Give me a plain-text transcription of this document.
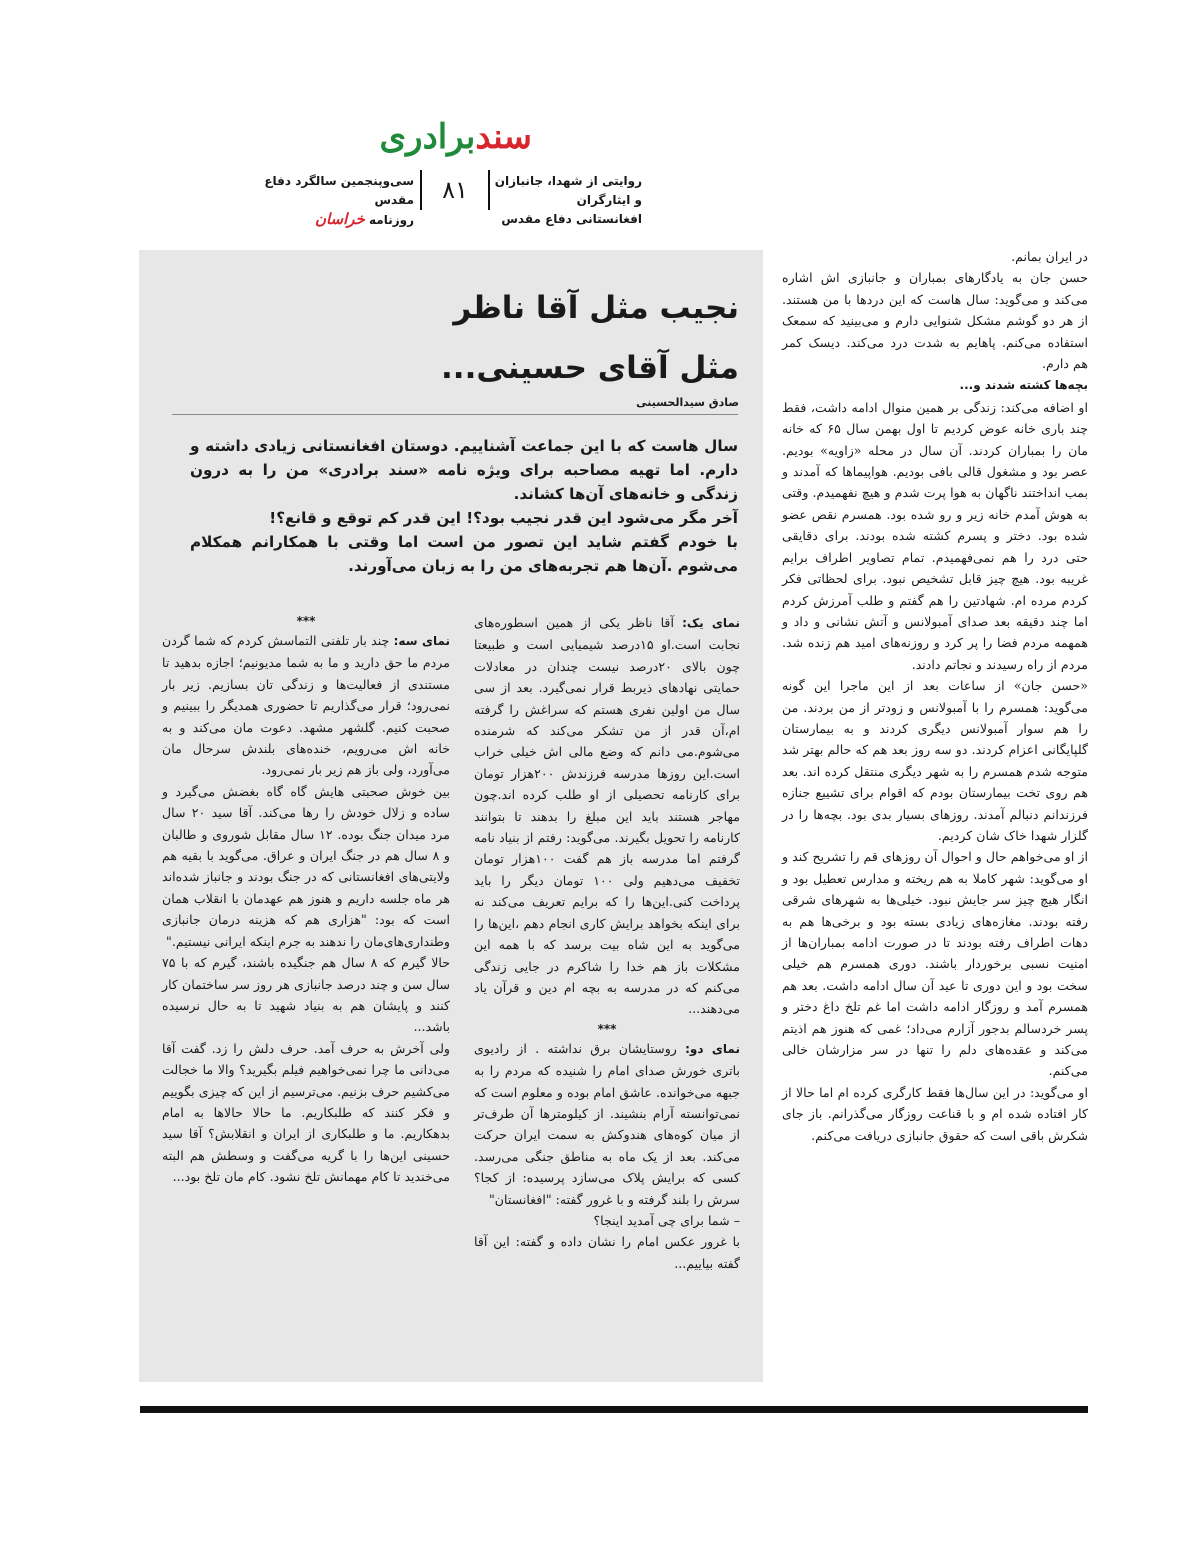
سندبرادری
روایتی از شهدا، جانبازان و ایثارگران
افغانستانی دفاع مقدس
۸۱
سی‌وپنجمین سالگرد دفاع مقدس
روزنامه خراسان

در ایران بمانم.

حسن جان به یادگارهای بمباران و جانبازی اش اشاره می‌کند و می‌گوید: سال هاست که این دردها با من هستند. از هر دو گوشم مشکل شنوایی دارم و می‌بینید که سمعک استفاده می‌کنم. پاهایم به شدت درد می‌کند. دیسک کمر هم دارم.

بچه‌ها کشته شدند و...

او اضافه می‌کند: زندگی بر همین منوال ادامه داشت، فقط چند باری خانه عوض کردیم تا اول بهمن سال ۶۵ که خانه مان را بمباران کردند. آن سال در محله «زاویه» بودیم. عصر بود و مشغول قالی بافی بودیم. هواپیماها که آمدند و بمب انداختند ناگهان به هوا پرت شدم و هیچ نفهمیدم. وقتی به هوش آمدم خانه زیر و رو شده بود. همسرم نقص عضو شده بود. دختر و پسرم کشته شده بودند. برای دقایقی حتی درد را هم نمی‌فهمیدم. تمام تصاویر اطراف برایم غریبه بود. هیچ چیز قابل تشخیص نبود. برای لحظاتی فکر کردم مرده ام. شهادتین را هم گفتم و طلب آمرزش کردم اما چند دقیقه بعد صدای آمبولانس و آتش نشانی و داد و همهمه مردم فضا را پر کرد و روزنه‌های امید هم زنده شد. مردم از راه رسیدند و نجاتم دادند.

«حسن جان» از ساعات بعد از این ماجرا این گونه می‌گوید: همسرم را با آمبولانس و زودتر از من بردند. من را هم سوار آمبولانس دیگری کردند و به بیمارستان گلپایگانی اعزام کردند. دو سه روز بعد هم که حالم بهتر شد متوجه شدم همسرم را به شهر دیگری منتقل کرده اند. بعد هم روی تخت بیمارستان بودم که اقوام برای تشییع جنازه فرزندانم دنبالم آمدند. روزهای بسیار بدی بود. بچه‌ها را در گلزار شهدا خاک شان کردیم.

از او می‌خواهم حال و احوال آن روزهای قم را تشریح کند و او می‌گوید: شهر کاملا به هم ریخته و مدارس تعطیل بود و انگار هیچ چیز سر جایش نبود. خیلی‌ها به شهرهای شرقی رفته بودند. مغازه‌های زیادی بسته بود و برخی‌ها هم به دهات اطراف رفته بودند تا در صورت ادامه بمباران‌ها از امنیت نسبی برخوردار باشند. دوری همسرم هم خیلی سخت بود و این دوری تا عید آن سال ادامه داشت. بعد هم همسرم آمد و روزگار ادامه داشت اما غم تلخ داغ دختر و پسر خردسالم بدجور آزارم می‌داد؛ غمی که هنوز هم اذیتم می‌کند و عقده‌های دلم را تنها در سر مزارشان خالی می‌کنم.

او می‌گوید: در این سال‌ها فقط کارگری کرده ام اما حالا از کار افتاده شده ام و با قناعت روزگار می‌گذرانم. باز جای شکرش باقی است که حقوق جانبازی دریافت می‌کنم.

نجیب مثل آقا ناظر
مثل آقای حسینی...
صادق سیدالحسینی

سال هاست که با این جماعت آشناییم. دوستان افغانستانی زیادی داشته و دارم. اما تهیه مصاحبه برای ویژه نامه «سند برادری» من را به درون زندگی و خانه‌های آن‌ها کشاند.

آخر مگر می‌شود این قدر نجیب بود؟! این قدر کم توقع و قانع؟!

با خودم گفتم شاید این تصور من است اما وقتی با همکارانم همکلام می‌شوم .آن‌ها هم تجربه‌های من را به زبان می‌آورند.

نمای یک: آقا ناظر یکی از همین اسطوره‌های نجابت است.او ۱۵درصد شیمیایی است و طبیعتا چون بالای ۲۰درصد نیست چندان در معادلات حمایتی نهادهای ذیربط قرار نمی‌گیرد. بعد از سی سال من اولین نفری هستم که سراغش را گرفته ام،آن قدر از من تشکر می‌کند که شرمنده می‌شوم.می دانم که وضع مالی اش خیلی خراب است.این روزها مدرسه فرزندش ۲۰۰هزار تومان برای کارنامه تحصیلی از او طلب کرده اند.چون مهاجر هستند باید این مبلغ را بدهند تا بتوانند کارنامه را تحویل بگیرند. می‌گوید: رفتم از بنیاد نامه گرفتم اما مدرسه باز هم گفت ۱۰۰هزار تومان تخفیف می‌دهیم ولی ۱۰۰ تومان دیگر را باید پرداخت کنی.این‌ها را که برایم تعریف می‌کند نه برای اینکه بخواهد برایش کاری انجام دهم ،این‌ها را می‌گوید به این شاه بیت برسد که با همه این مشکلات باز هم خدا را شاکرم در جایی زندگی می‌کنم که در مدرسه به بچه ام دین و قرآن یاد می‌دهند...

***

نمای دو: روستایشان برق نداشته . از رادیوی باتری خورش صدای امام را شنیده که مردم را به جبهه می‌خوانده. عاشق امام بوده و معلوم است که نمی‌توانسته آرام بنشیند. از کیلومترها آن طرف‌تر از میان کوه‌های هندوکش به سمت ایران حرکت می‌کند. بعد از یک ماه به مناطق جنگی می‌رسد. کسی که برایش پلاک می‌سازد پرسیده: از کجا؟ سرش را بلند گرفته و با غرور گفته: "افغانستان"

– شما برای چی آمدید اینجا؟

با غرور عکس امام را نشان داده و گفته: این آقا گفته بیاییم...

***

نمای سه: چند بار تلفنی التماسش کردم که شما گردن مردم ما حق دارید و ما به شما مدیونیم؛ اجازه بدهید تا مستندی از فعالیت‌ها و زندگی تان بسازیم. زیر بار نمی‌رود؛ قرار می‌گذاریم تا حضوری همدیگر را ببینیم و صحبت کنیم. گلشهر مشهد. دعوت مان می‌کند و به خانه اش می‌رویم، خنده‌های بلندش سرحال مان می‌آورد، ولی باز هم زیر بار نمی‌رود.

بین خوش صحبتی هایش گاه گاه بغضش می‌گیرد و ساده و زلال خودش را رها می‌کند. آقا سید ۲۰ سال مرد میدان جنگ بوده. ۱۲ سال مقابل شوروی و طالبان و ۸ سال هم در جنگ ایران و عراق. می‌گوید با بقیه هم ولایتی‌های افغانستانی که در جنگ بودند و جانباز شده‌اند هر ماه جلسه داریم و هنوز هم عهدمان با انقلاب همان است که بود: "هزاری هم که هزینه درمان جانبازی وطنداری‌های‌مان را ندهند به جرم اینکه ایرانی نیستیم."

حالا گیرم که ۸ سال هم جنگیده باشند، گیرم که با ۷۵ سال سن و چند درصد جانبازی هر روز سر ساختمان کار کنند و پایشان هم به بنیاد شهید تا به حال نرسیده باشد...

ولی آخرش به حرف آمد. حرف دلش را زد. گفت آقا می‌دانی ما چرا نمی‌خواهیم فیلم بگیرید؟ والا ما خجالت می‌کشیم حرف بزنیم. می‌ترسیم از این که چیزی بگوییم و فکر کنند که طلبکاریم. ما حالا حالاها به امام بدهکاریم. ما و طلبکاری از ایران و انقلابش؟ آقا سید حسینی این‌ها را با گریه می‌گفت و وسطش هم البته می‌خندید تا کام مهمانش تلخ نشود. کام مان تلخ بود...
